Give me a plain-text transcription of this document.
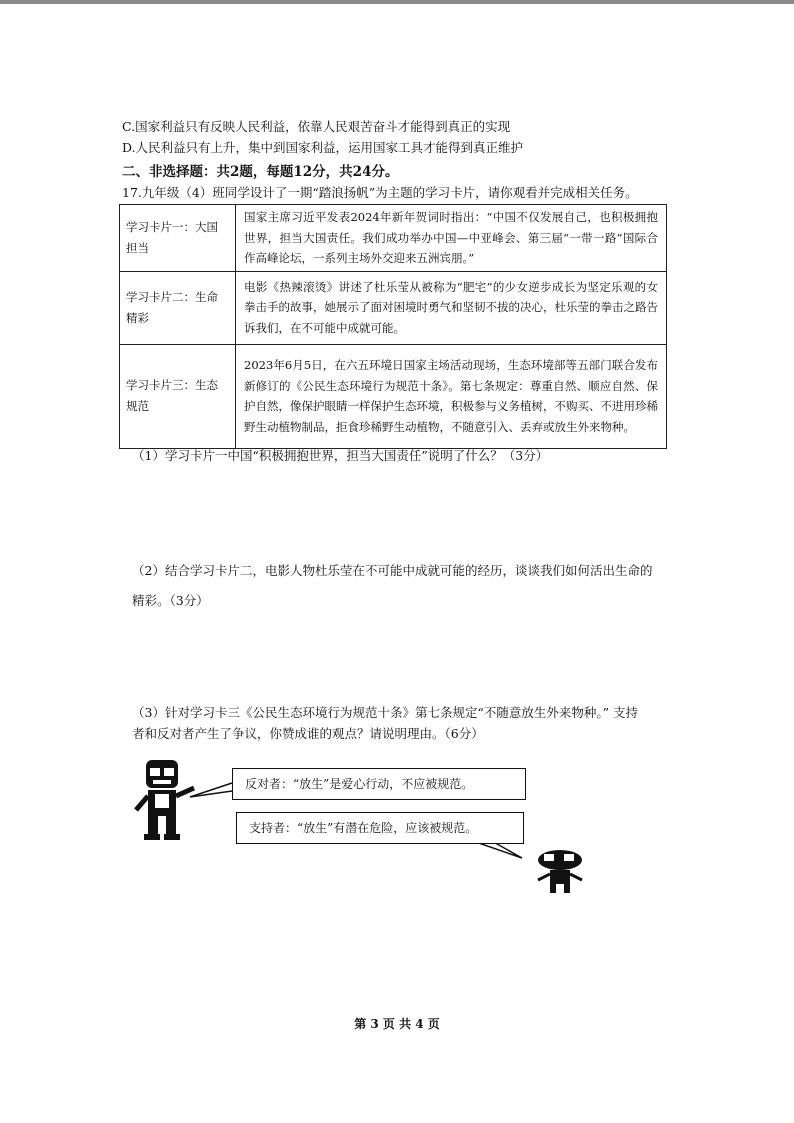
C.国家利益只有反映人民利益，依靠人民艰苦奋斗才能得到真正的实现
D.人民利益只有上升，集中到国家利益，运用国家工具才能得到真正维护
二、非选择题：共2题，每题12分，共24分。
17.九年级（4）班同学设计了一期“踏浪扬帆”为主题的学习卡片，请你观看并完成相关任务。
学习卡片一：大国担当	国家主席习近平发表2024年新年贺词时指出：“中国不仅发展自己，也积极拥抱世界，担当大国责任。我们成功举办中国—中亚峰会、第三届“一带一路”国际合作高峰论坛，一系列主场外交迎来五洲宾朋。”
学习卡片二：生命精彩	电影《热辣滚烫》讲述了杜乐莹从被称为“肥宅”的少女逆步成长为坚定乐观的女拳击手的故事，她展示了面对困境时勇气和坚韧不拔的决心，杜乐莹的拳击之路告诉我们，在不可能中成就可能。
学习卡片三：生态规范	2023年6月5日，在六五环境日国家主场活动现场，生态环境部等五部门联合发布新修订的《公民生态环境行为规范十条》。第七条规定：尊重自然、顺应自然、保护自然，像保护眼睛一样保护生态环境，积极参与义务植树，不购买、不进用珍稀野生动植物制品，拒食珍稀野生动植物，不随意引入、丢弃或放生外来物种。
（1）学习卡片一中国“积极拥抱世界，担当大国责任”说明了什么？（3分）
（2）结合学习卡片二，电影人物杜乐莹在不可能中成就可能的经历，谈谈我们如何活出生命的
精彩。（3分）
（3）针对学习卡三《公民生态环境行为规范十条》第七条规定“不随意放生外来物种。” 支持
者和反对者产生了争议，你赞成谁的观点？请说明理由。（6分）
反对者：“放生”是爱心行动，不应被规范。
支持者：“放生”有潜在危险，应该被规范。
第 3 页 共 4 页
